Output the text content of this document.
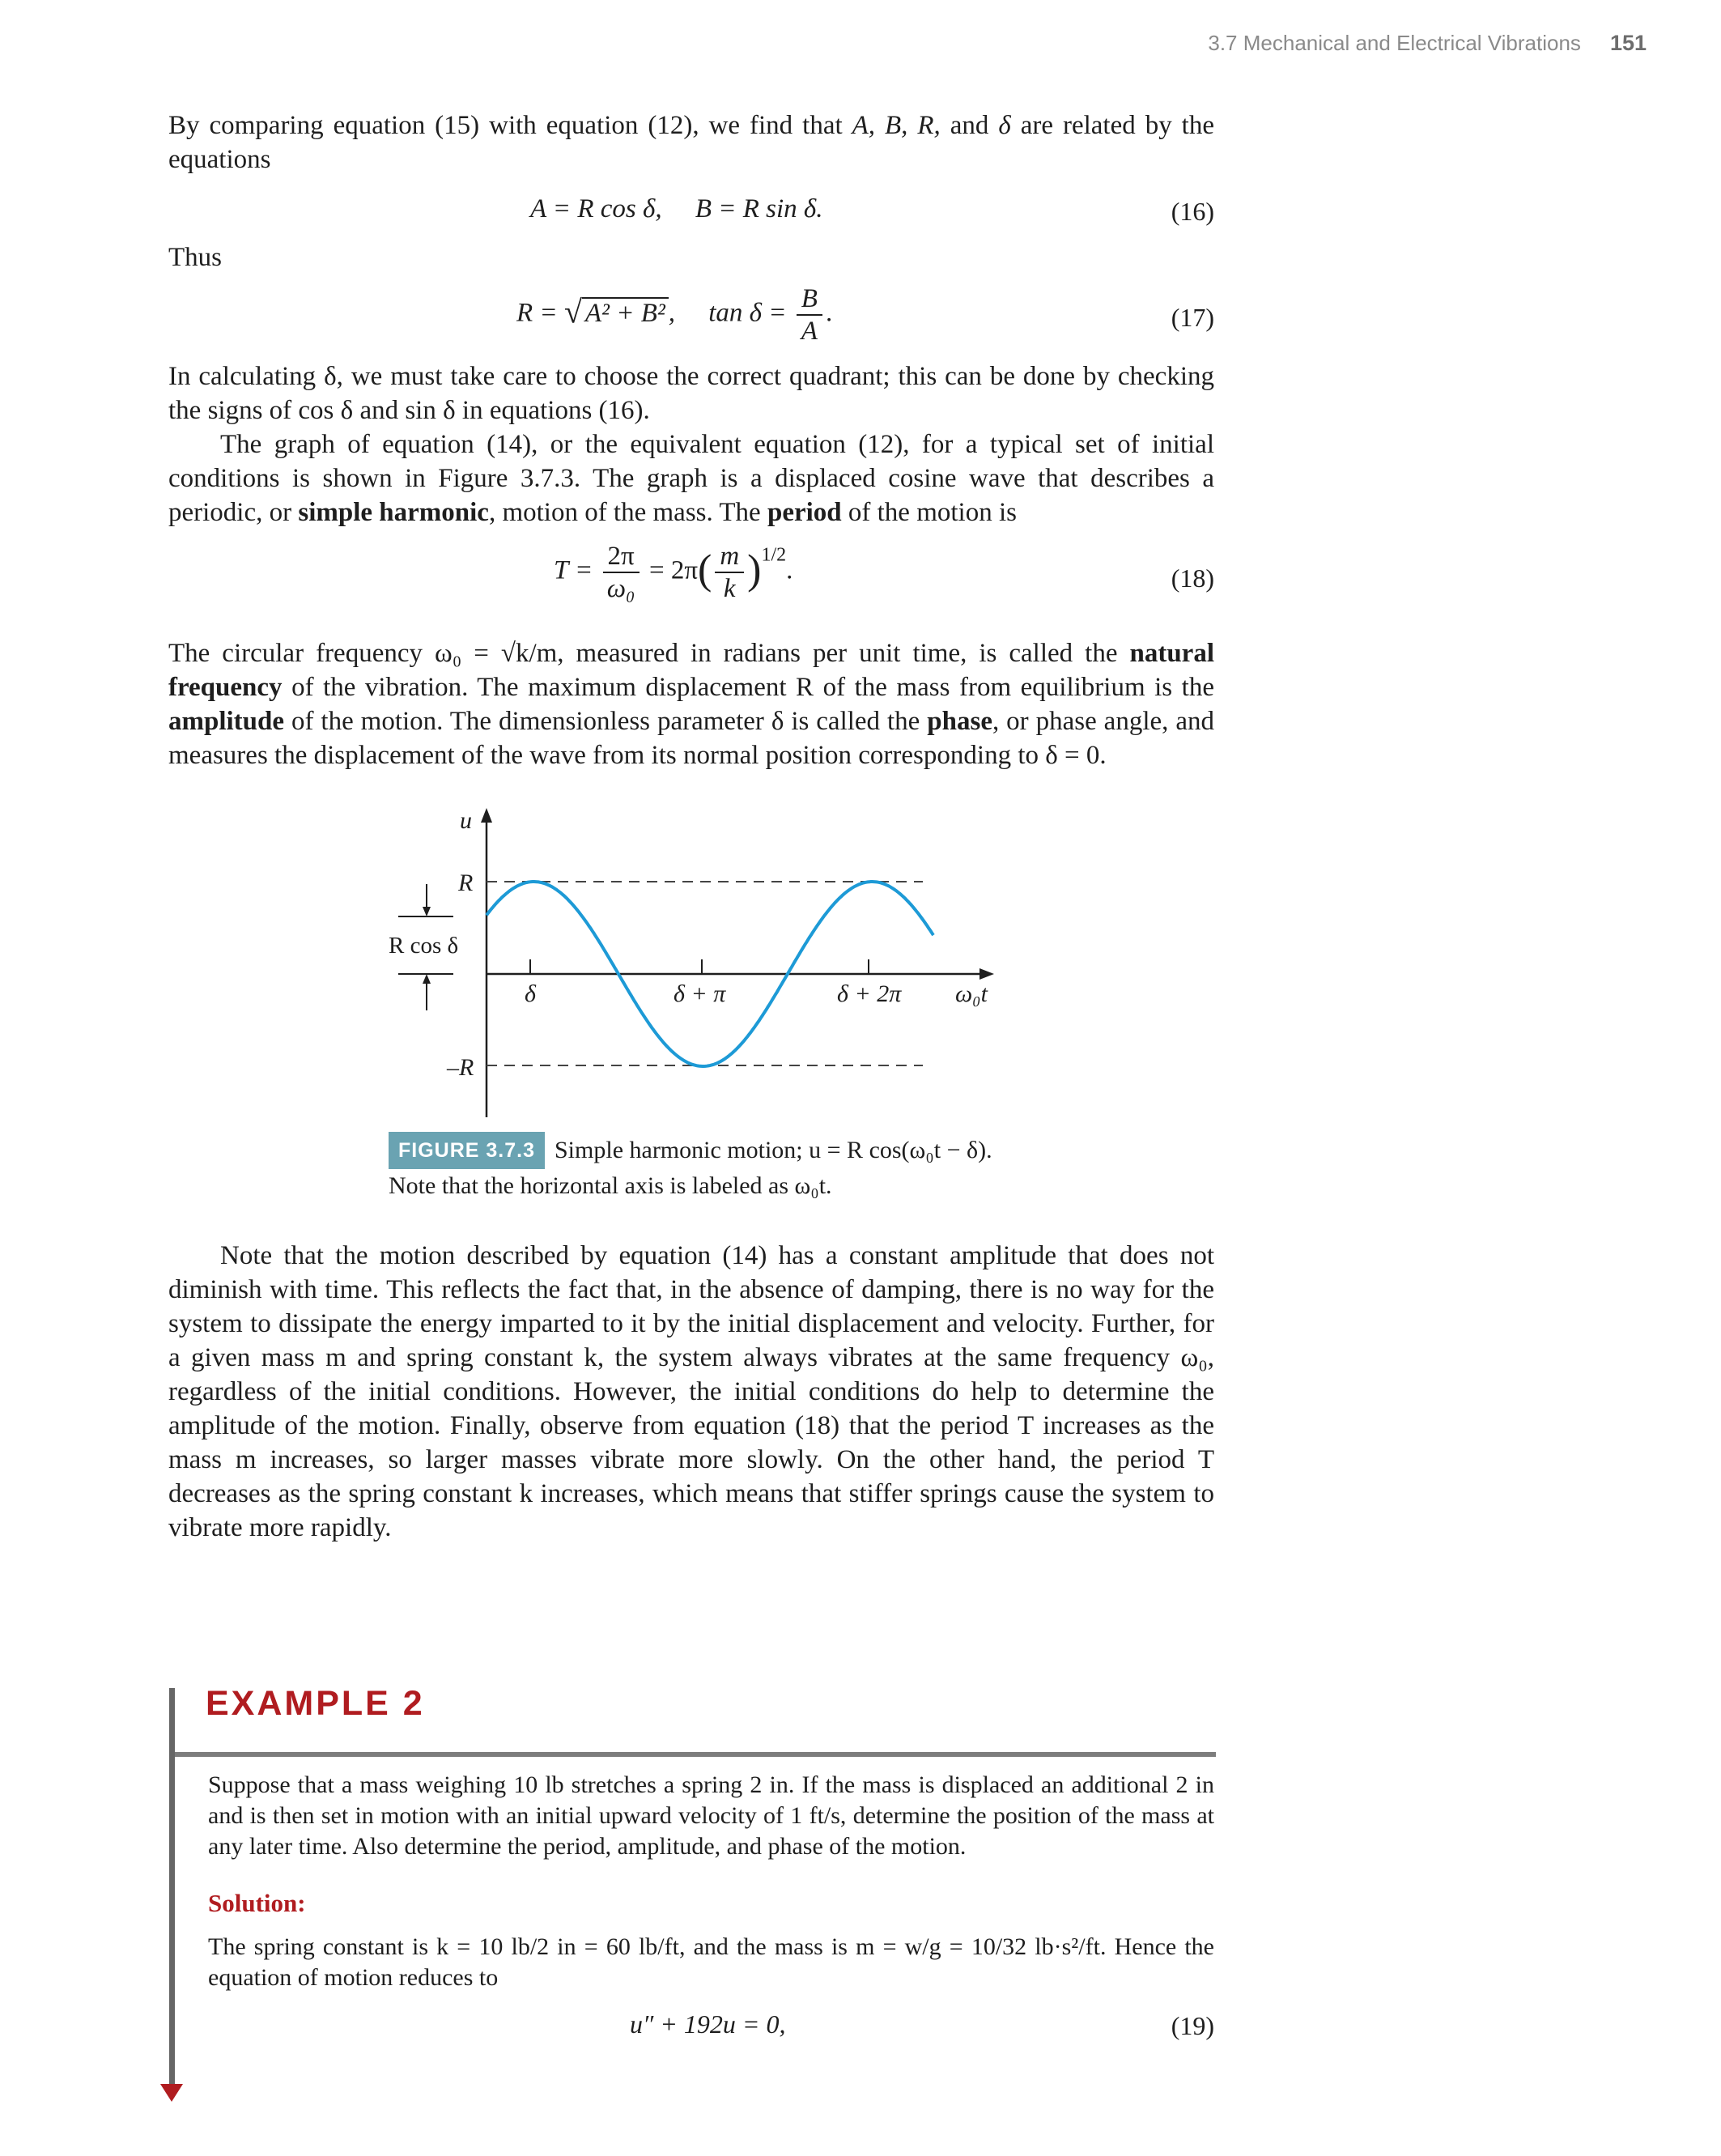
3.7 Mechanical and Electrical Vibrations 151
By comparing equation (15) with equation (12), we find that A, B, R, and δ are related by the equations
A = R cos δ,     B = R sin δ.	(16)
Thus
R = √ A² + B² ,     $\tan \delta = \frac{B}{A}$ .	(17)
In calculating δ, we must take care to choose the correct quadrant; this can be done by checking the signs of cos δ and sin δ in equations (16).
The graph of equation (14), or the equivalent equation (12), for a typical set of initial conditions is shown in Figure 3.7.3. The graph is a displaced cosine wave that describes a periodic, or simple harmonic, motion of the mass. The period of the motion is
$T = \frac{2\pi}{\text{ω₀}} = 2\pi( \frac{m}{k} )^{1/2}$.	(18)
The circular frequency ω₀ = √k/m, measured in radians per unit time, is called the natural frequency of the vibration. The maximum displacement R of the mass from equilibrium is the amplitude of the motion. The dimensionless parameter δ is called the phase, or phase angle, and measures the displacement of the wave from its normal position corresponding to δ = 0.
u
R
–R
R cos δ
δ	δ + π	δ + 2π ω₀t
FIGURE 3.7.3 Simple harmonic motion; u = R cos(ω₀t − δ).
Note that the horizontal axis is labeled as ω₀t.
Note that the motion described by equation (14) has a constant amplitude that does not diminish with time. This reflects the fact that, in the absence of damping, there is no way for the system to dissipate the energy imparted to it by the initial displacement and velocity. Further, for a given mass m and spring constant k, the system always vibrates at the same frequency ω₀, regardless of the initial conditions. However, the initial conditions do help to determine the amplitude of the motion. Finally, observe from equation (18) that the period T increases as the mass m increases, so larger masses vibrate more slowly. On the other hand, the period T decreases as the spring constant k increases, which means that stiffer springs cause the system to vibrate more rapidly.
EXAMPLE 2
Suppose that a mass weighing 10 lb stretches a spring 2 in. If the mass is displaced an additional 2 in and is then set in motion with an initial upward velocity of 1 ft/s, determine the position of the mass at any later time. Also determine the period, amplitude, and phase of the motion.
Solution:
The spring constant is k = 10 lb/2 in = 60 lb/ft, and the mass is m = w/g = 10/32 lb·s²/ft. Hence the equation of motion reduces to
u″ + 192u = 0,	(19)
